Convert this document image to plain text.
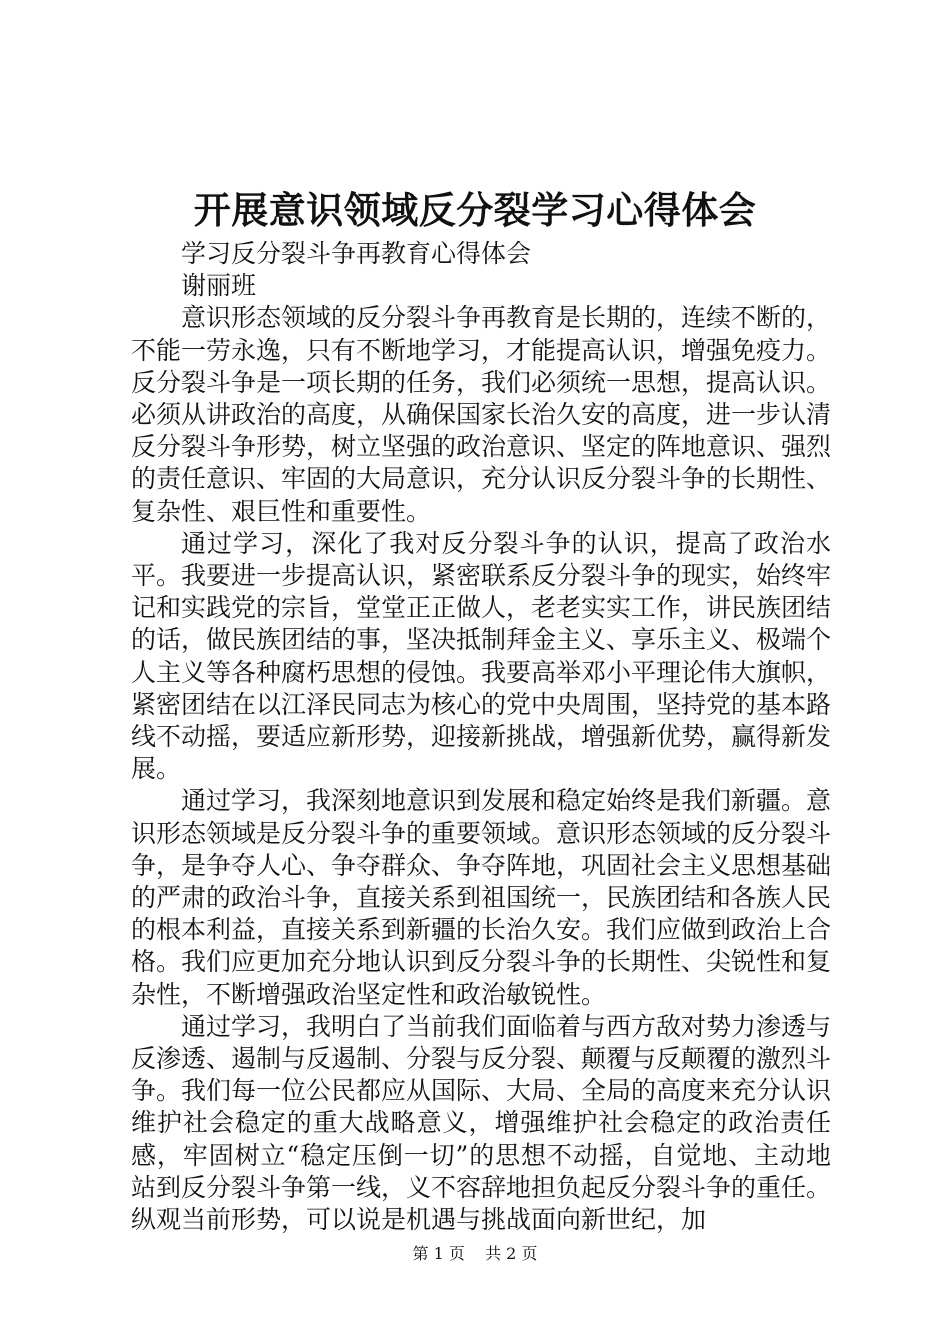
开展意识领域反分裂学习心得体会

学习反分裂斗争再教育心得体会

谢丽班

意识形态领域的反分裂斗争再教育是长期的，连续不断的，不能一劳永逸，只有不断地学习，才能提高认识，增强免疫力。反分裂斗争是一项长期的任务，我们必须统一思想，提高认识。必须从讲政治的高度，从确保国家长治久安的高度，进一步认清反分裂斗争形势，树立坚强的政治意识、坚定的阵地意识、强烈的责任意识、牢固的大局意识，充分认识反分裂斗争的长期性、复杂性、艰巨性和重要性。

通过学习，深化了我对反分裂斗争的认识，提高了政治水平。我要进一步提高认识，紧密联系反分裂斗争的现实，始终牢记和实践党的宗旨，堂堂正正做人，老老实实工作，讲民族团结的话，做民族团结的事，坚决抵制拜金主义、享乐主义、极端个人主义等各种腐朽思想的侵蚀。我要高举邓小平理论伟大旗帜，紧密团结在以江泽民同志为核心的党中央周围，坚持党的基本路线不动摇，要适应新形势，迎接新挑战，增强新优势，赢得新发展。

通过学习，我深刻地意识到发展和稳定始终是我们新疆。意识形态领域是反分裂斗争的重要领域。意识形态领域的反分裂斗争，是争夺人心、争夺群众、争夺阵地，巩固社会主义思想基础的严肃的政治斗争，直接关系到祖国统一，民族团结和各族人民的根本利益，直接关系到新疆的长治久安。我们应做到政治上合格。我们应更加充分地认识到反分裂斗争的长期性、尖锐性和复杂性，不断增强政治坚定性和政治敏锐性。

通过学习，我明白了当前我们面临着与西方敌对势力渗透与反渗透、遏制与反遏制、分裂与反分裂、颠覆与反颠覆的激烈斗争。我们每一位公民都应从国际、大局、全局的高度来充分认识维护社会稳定的重大战略意义，增强维护社会稳定的政治责任感，牢固树立“稳定压倒一切”的思想不动摇，自觉地、主动地站到反分裂斗争第一线，义不容辞地担负起反分裂斗争的重任。纵观当前形势，可以说是机遇与挑战面向新世纪，加

第 1 页 共 2 页
